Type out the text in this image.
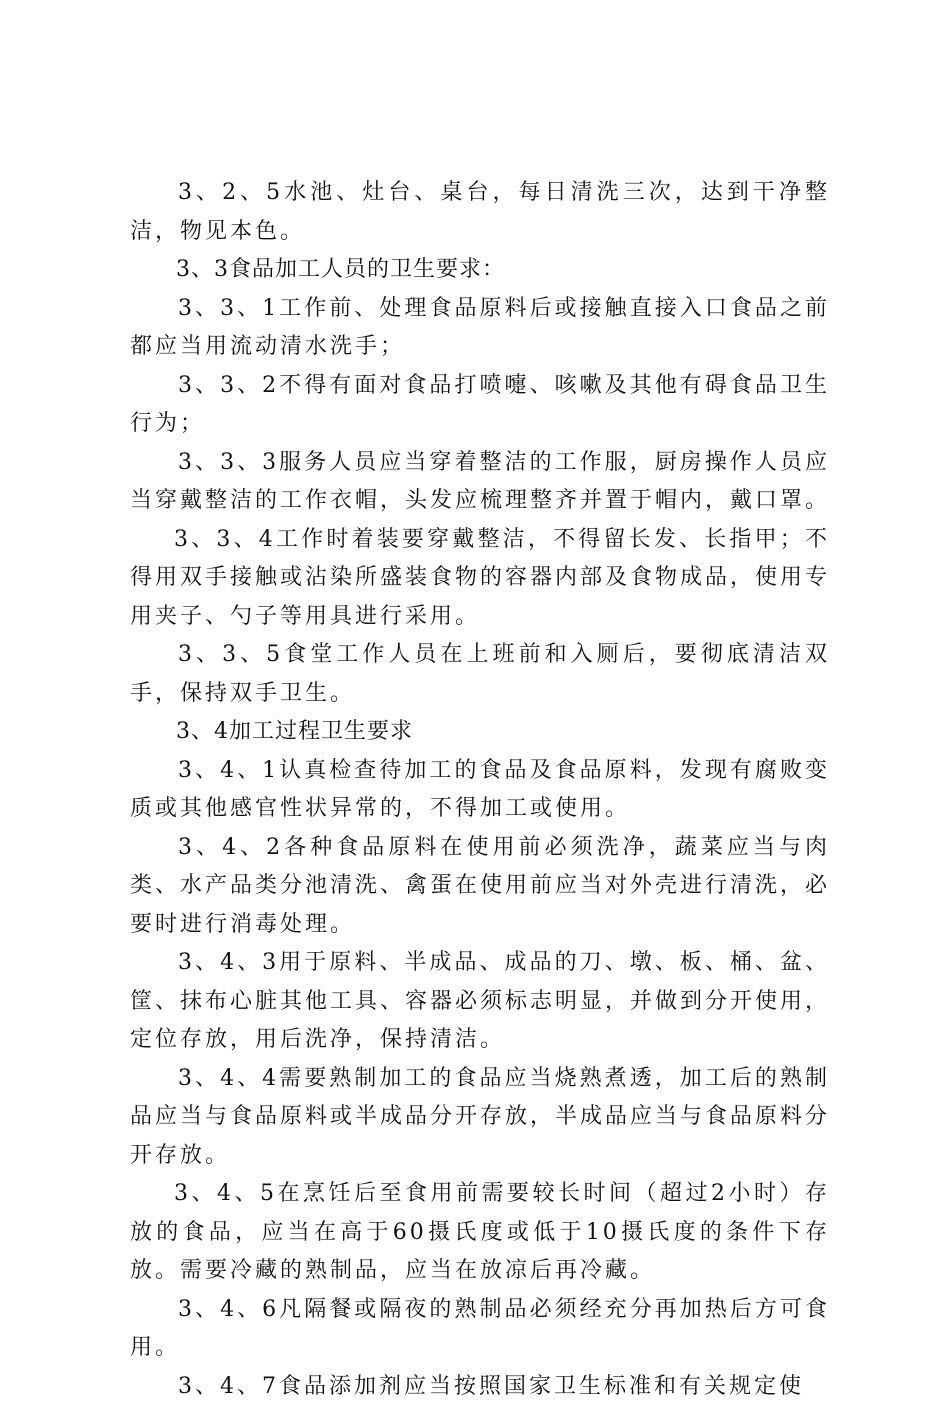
3、2、5水池、灶台、桌台，每日清洗三次，达到干净整洁，物见本色。

3、3食品加工人员的卫生要求：

3、3、1工作前、处理食品原料后或接触直接入口食品之前都应当用流动清水洗手；

3、3、2不得有面对食品打喷嚏、咳嗽及其他有碍食品卫生行为；

3、3、3服务人员应当穿着整洁的工作服，厨房操作人员应当穿戴整洁的工作衣帽，头发应梳理整齐并置于帽内，戴口罩。

3、3、4工作时着装要穿戴整洁，不得留长发、长指甲；不得用双手接触或沾染所盛装食物的容器内部及食物成品，使用专用夹子、勺子等用具进行采用。

3、3、5食堂工作人员在上班前和入厕后，要彻底清洁双手，保持双手卫生。

3、4加工过程卫生要求

3、4、1认真检查待加工的食品及食品原料，发现有腐败变质或其他感官性状异常的，不得加工或使用。

3、4、2各种食品原料在使用前必须洗净，蔬菜应当与肉类、水产品类分池清洗、禽蛋在使用前应当对外壳进行清洗，必要时进行消毒处理。

3、4、3用于原料、半成品、成品的刀、墩、板、桶、盆、筐、抹布心脏其他工具、容器必须标志明显，并做到分开使用，定位存放，用后洗净，保持清洁。

3、4、4需要熟制加工的食品应当烧熟煮透，加工后的熟制品应当与食品原料或半成品分开存放，半成品应当与食品原料分开存放。

3、4、5在烹饪后至食用前需要较长时间（超过2小时）存放的食品，应当在高于60摄氏度或低于10摄氏度的条件下存放。需要冷藏的熟制品，应当在放凉后再冷藏。

3、4、6凡隔餐或隔夜的熟制品必须经充分再加热后方可食用。

3、4、7食品添加剂应当按照国家卫生标准和有关规定使
